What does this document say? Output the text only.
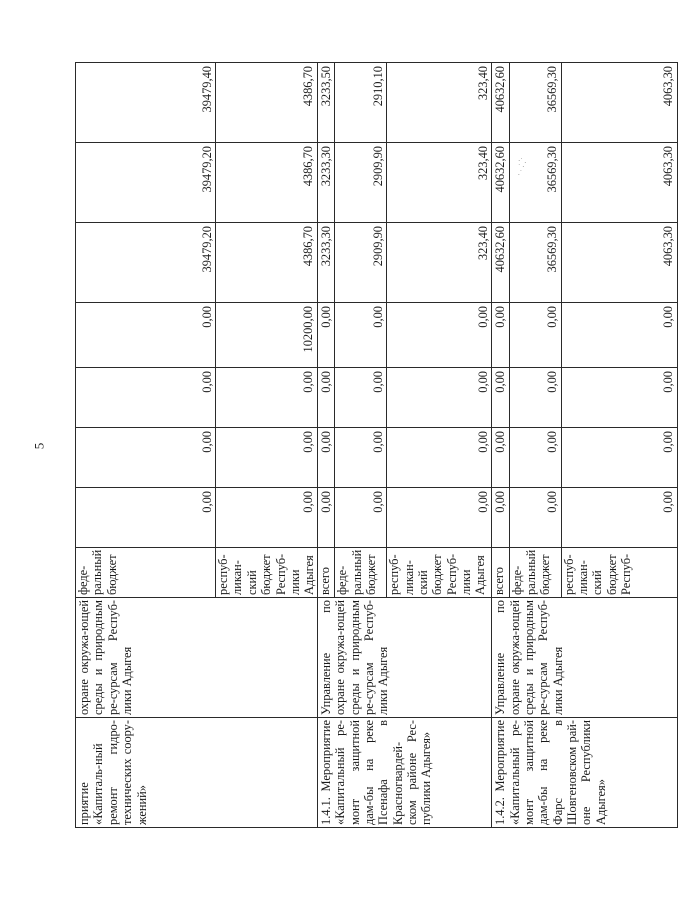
5
приятие «Капиталь-ный ремонт гидро-технических соору-жений»	охране окружа-ющей среды и природным ре-сурсам Респуб-лики Адыгея	феде-ральный бюджет	0,00	0,00	0,00	0,00	39479,20	39479,20	39479,40
		респуб-ликан-ский бюджет Респуб-лики Адыгея	0,00	0,00	0,00	10200,00	4386,70	4386,70	4386,70
1.4.1. Мероприятие «Капитальный ре-монт защитной дам-бы на реке Псенафа в Красногвардей-ском районе Рес-публики Адыгея»	Управление по охране окружа-ющей среды и природным ре-сурсам Респуб-лики Адыгея	всего	0,00	0,00	0,00	0,00	3233,30	3233,30	3233,50
		феде-ральный бюджет	0,00	0,00	0,00	0,00	2909,90	2909,90	2910,10
		респуб-ликан-ский бюджет Респуб-лики Адыгея	0,00	0,00	0,00	0,00	323,40	323,40	323,40
1.4.2. Мероприятие «Капитальный ре-монт защитной дам-бы на реке Фарс в Шовгеновском рай-оне Республики Адыгея»	Управление по охране окружа-ющей среды и природным ре-сурсам Респуб-лики Адыгея	всего	0,00	0,00	0,00	0,00	40632,60	40632,60	40632,60
		феде-ральный бюджет	0,00	0,00	0,00	0,00	36569,30	36569,30	36569,30
		респуб-ликан-ский бюджет Респуб-	0,00	0,00	0,00	0,00	4063,30	4063,30	4063,30
·˙ .
˙ ·
.˙
